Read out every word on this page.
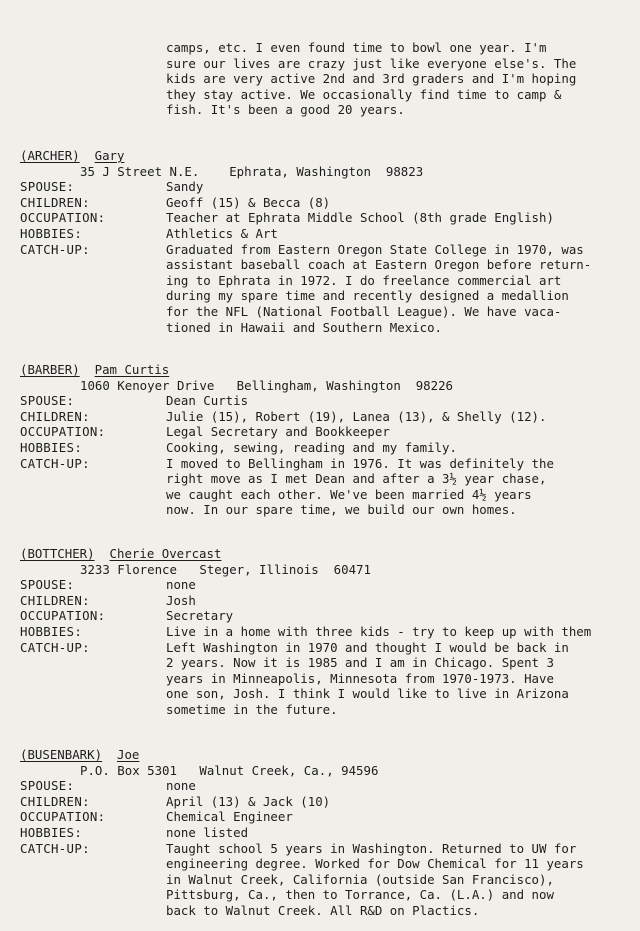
camps, etc. I even found time to bowl one year. I'm

sure our lives are crazy just like everyone else's. The

kids are very active 2nd and 3rd graders and I'm hoping

they stay active. We occasionally find time to camp &

fish. It's been a good 20 years.

(ARCHER) Gary
35 J Street N.E. Ephrata, Washington  98823
SPOUSE:	Sandy
CHILDREN:	Geoff (15) & Becca (8)
OCCUPATION:	Teacher at Ephrata Middle School (8th grade English)
HOBBIES:	Athletics & Art
CATCH-UP:	Graduated from Eastern Oregon State College in 1970, was
assistant baseball coach at Eastern Oregon before return-
ing to Ephrata in 1972. I do freelance commercial art
during my spare time and recently designed a medallion
for the NFL (National Football League). We have vaca-
tioned in Hawaii and Southern Mexico.
(BARBER) Pam Curtis
1060 Kenoyer Drive Bellingham, Washington  98226
SPOUSE:	Dean Curtis
CHILDREN:	Julie (15), Robert (19), Lanea (13), & Shelly (12).
OCCUPATION:	Legal Secretary and Bookkeeper
HOBBIES:	Cooking, sewing, reading and my family.
CATCH-UP:	I moved to Bellingham in 1976. It was definitely the
right move as I met Dean and after a 3½ year chase,
we caught each other. We've been married 4½ years
now. In our spare time, we build our own homes.
(BOTTCHER) Cherie Overcast
3233 Florence Steger, Illinois  60471
SPOUSE:	none
CHILDREN:	Josh
OCCUPATION:	Secretary
HOBBIES:	Live in a home with three kids - try to keep up with them
CATCH-UP:	Left Washington in 1970 and thought I would be back in
2 years. Now it is 1985 and I am in Chicago. Spent 3
years in Minneapolis, Minnesota from 1970-1973. Have
one son, Josh. I think I would like to live in Arizona
sometime in the future.
(BUSENBARK) Joe
P.O. Box 5301 Walnut Creek, Ca., 94596
SPOUSE:	none
CHILDREN:	April (13) & Jack (10)
OCCUPATION:	Chemical Engineer
HOBBIES:	none listed
CATCH-UP:	Taught school 5 years in Washington. Returned to UW for
engineering degree. Worked for Dow Chemical for 11 years
in Walnut Creek, California (outside San Francisco),
Pittsburg, Ca., then to Torrance, Ca. (L.A.) and now
back to Walnut Creek. All R&D on Plactics.
